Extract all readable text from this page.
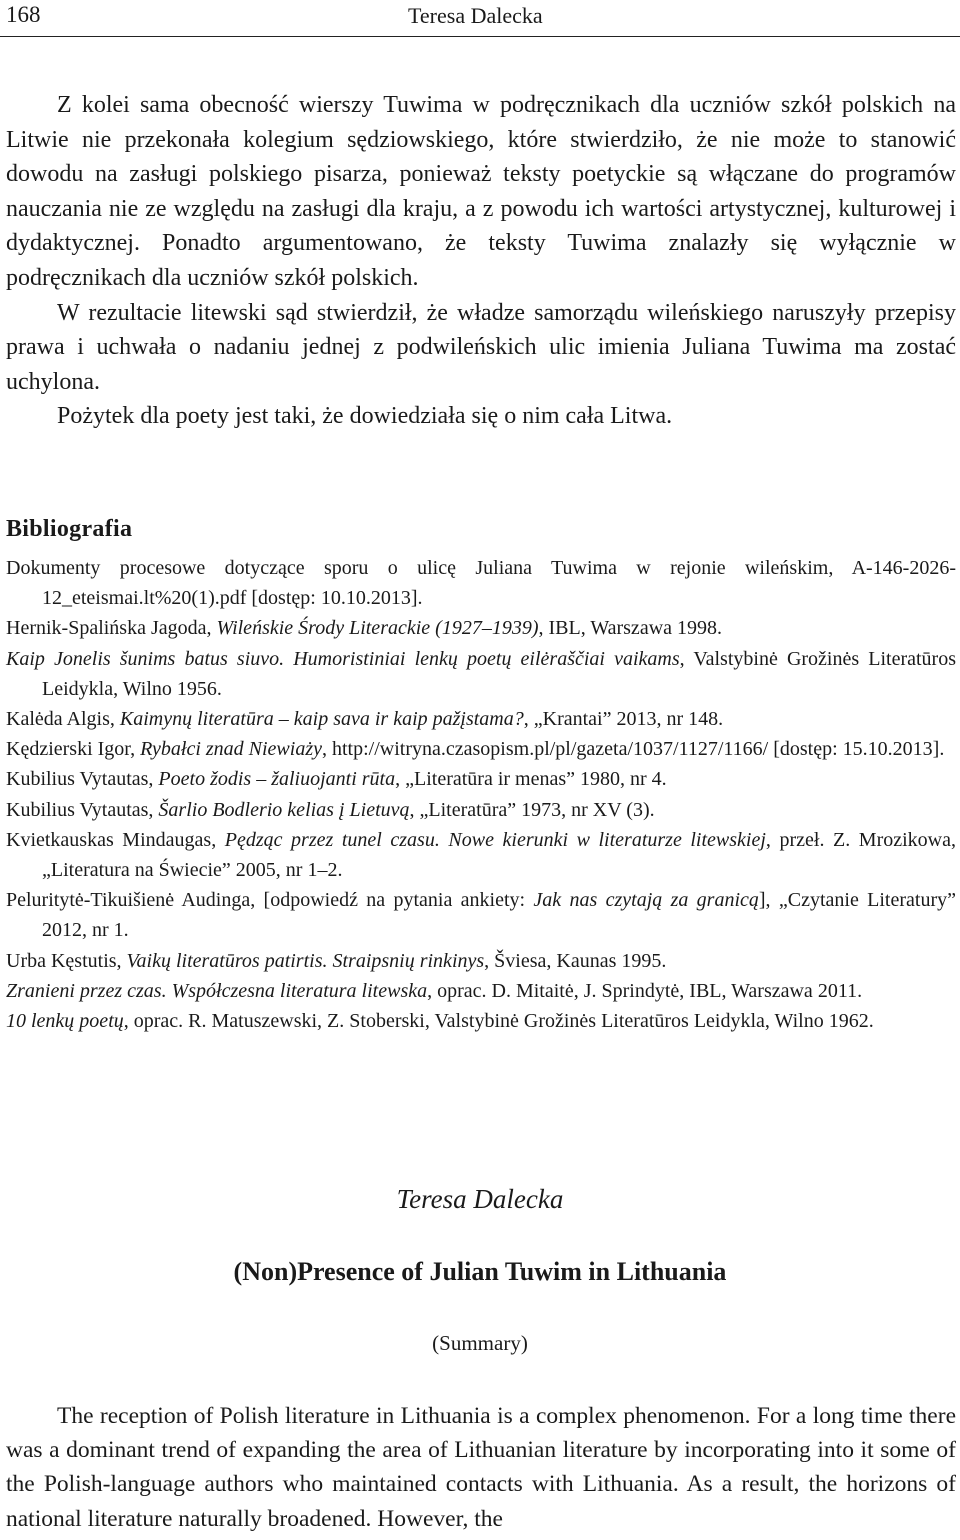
168	Teresa Dalecka

Z kolei sama obecność wierszy Tuwima w podręcznikach dla uczniów szkół polskich na Litwie nie przekonała kolegium sędziowskiego, które stwierdziło, że nie może to stanowić dowodu na zasługi polskiego pisarza, ponieważ teksty poetyckie są włączane do programów nauczania nie ze względu na zasługi dla kraju, a z powodu ich wartości artystycznej, kulturowej i dydaktycznej. Ponadto argumentowano, że teksty Tuwima znalazły się wyłącznie w podręcznikach dla uczniów szkół polskich.

W rezultacie litewski sąd stwierdził, że władze samorządu wileńskiego naruszyły przepisy prawa i uchwała o nadaniu jednej z podwileńskich ulic imienia Juliana Tuwima ma zostać uchylona.

Pożytek dla poety jest taki, że dowiedziała się o nim cała Litwa.

Bibliografia
Dokumenty procesowe dotyczące sporu o ulicę Juliana Tuwima w rejonie wileńskim, A-146-2026-12_eteismai.lt%20(1).pdf [dostęp: 10.10.2013].
Hernik-Spalińska Jagoda, Wileńskie Środy Literackie (1927–1939), IBL, Warszawa 1998.
Kaip Jonelis šunims batus siuvo. Humoristiniai lenkų poetų eilėraščiai vaikams, Valstybinė Grožinės Literatūros Leidykla, Wilno 1956.
Kalėda Algis, Kaimynų literatūra – kaip sava ir kaip pažįstama?, „Krantai” 2013, nr 148.
Kędzierski Igor, Rybałci znad Niewiaży, http://witryna.czasopism.pl/pl/gazeta/1037/1127/1166/ [dostęp: 15.10.2013].
Kubilius Vytautas, Poeto žodis – žaliuojanti rūta, „Literatūra ir menas” 1980, nr 4.
Kubilius Vytautas, Šarlio Bodlerio kelias į Lietuvą, „Literatūra” 1973, nr XV (3).
Kvietkauskas Mindaugas, Pędząc przez tunel czasu. Nowe kierunki w literaturze litewskiej, przeł. Z. Mrozikowa, „Literatura na Świecie” 2005, nr 1–2.
Peluritytė-Tikuišienė Audinga, [odpowiedź na pytania ankiety: Jak nas czytają za granicą], „Czytanie Literatury” 2012, nr 1.
Urba Kęstutis, Vaikų literatūros patirtis. Straipsnių rinkinys, Šviesa, Kaunas 1995.
Zranieni przez czas. Współczesna literatura litewska, oprac. D. Mitaitė, J. Sprindytė, IBL, Warszawa 2011.
10 lenkų poetų, oprac. R. Matuszewski, Z. Stoberski, Valstybinė Grožinės Literatūros Leidykla, Wilno 1962.
Teresa Dalecka
(Non)Presence of Julian Tuwim in Lithuania
(Summary)

The reception of Polish literature in Lithuania is a complex phenomenon. For a long time there was a dominant trend of expanding the area of Lithuanian literature by incorporating into it some of the Polish-language authors who maintained contacts with Lithuania. As a result, the horizons of national literature naturally broadened. However, the
